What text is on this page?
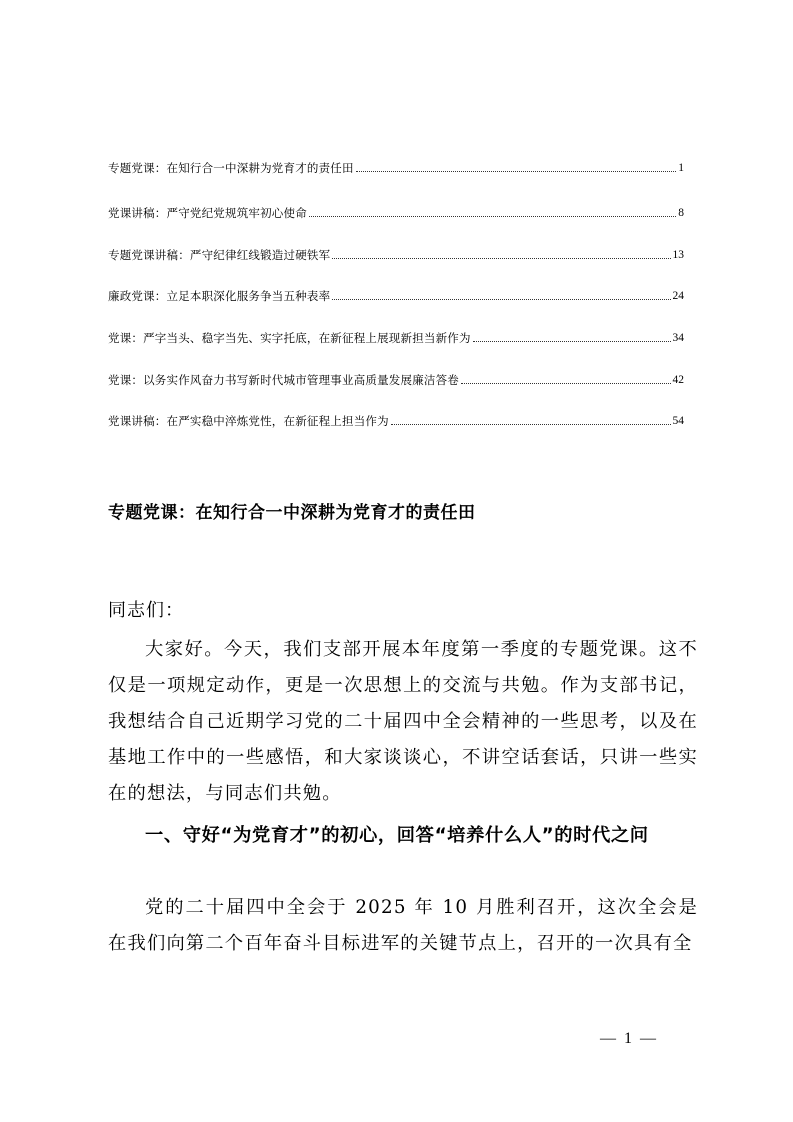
专题党课：在知行合一中深耕为党育才的责任田	1
党课讲稿：严守党纪党规筑牢初心使命	8
专题党课讲稿：严守纪律红线锻造过硬铁军	13
廉政党课：立足本职深化服务争当五种表率	24
党课：严字当头、稳字当先、实字托底，在新征程上展现新担当新作为	34
党课：以务实作风奋力书写新时代城市管理事业高质量发展廉洁答卷	42
党课讲稿：在严实稳中淬炼党性，在新征程上担当作为	54
专题党课：在知行合一中深耕为党育才的责任田
同志们：
大家好。今天，我们支部开展本年度第一季度的专题党课。这不仅是一项规定动作，更是一次思想上的交流与共勉。作为支部书记，我想结合自己近期学习党的二十届四中全会精神的一些思考，以及在基地工作中的一些感悟，和大家谈谈心，不讲空话套话，只讲一些实在的想法，与同志们共勉。
一、守好“为党育才”的初心，回答“培养什么人”的时代之问
党的二十届四中全会于 2025 年 10 月胜利召开，这次全会是在我们向第二个百年奋斗目标进军的关键节点上，召开的一次具有全
— 1 —
